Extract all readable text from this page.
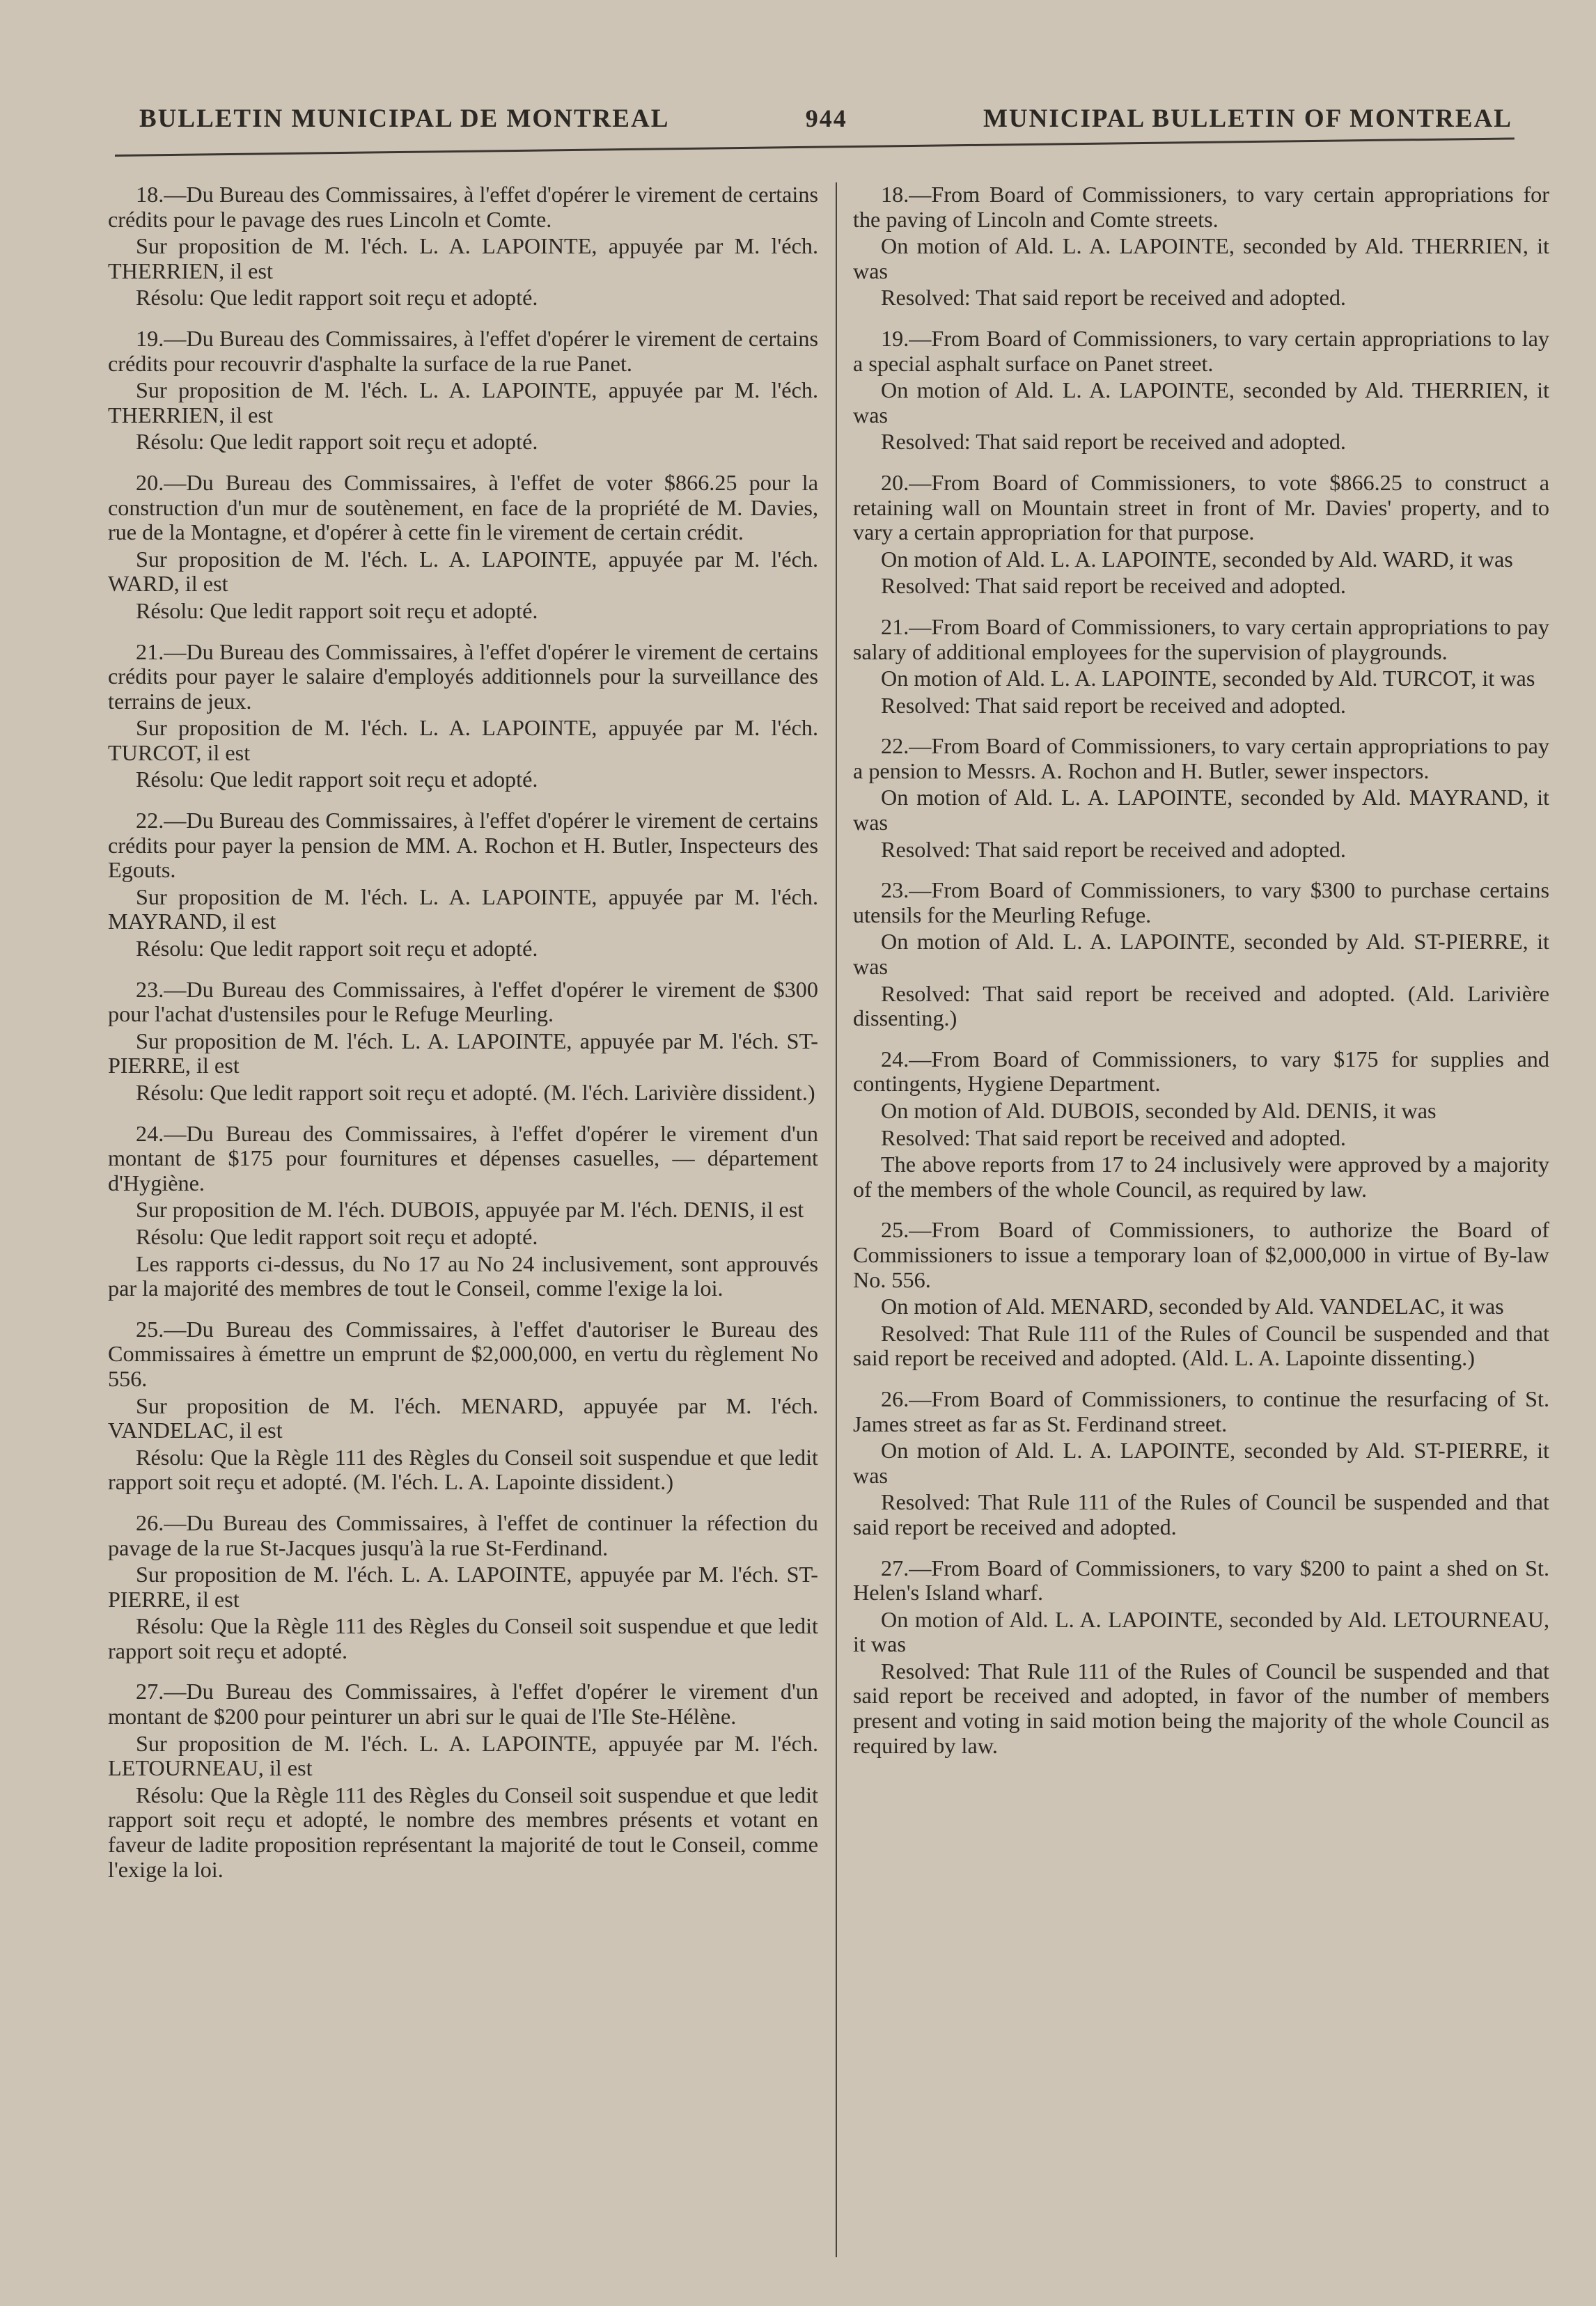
BULLETIN MUNICIPAL DE MONTREAL	944	MUNICIPAL BULLETIN OF MONTREAL

18.—Du Bureau des Commissaires, à l'effet d'opérer le virement de certains crédits pour le pavage des rues Lincoln et Comte.

Sur proposition de M. l'éch. L. A. LAPOINTE, appuyée par M. l'éch. THERRIEN, il est

Résolu: Que ledit rapport soit reçu et adopté.

19.—Du Bureau des Commissaires, à l'effet d'opérer le virement de certains crédits pour recouvrir d'asphalte la surface de la rue Panet.

Sur proposition de M. l'éch. L. A. LAPOINTE, appuyée par M. l'éch. THERRIEN, il est

Résolu: Que ledit rapport soit reçu et adopté.

20.—Du Bureau des Commissaires, à l'effet de voter $866.25 pour la construction d'un mur de soutènement, en face de la propriété de M. Davies, rue de la Montagne, et d'opérer à cette fin le virement de certain crédit.

Sur proposition de M. l'éch. L. A. LAPOINTE, appuyée par M. l'éch. WARD, il est

Résolu: Que ledit rapport soit reçu et adopté.

21.—Du Bureau des Commissaires, à l'effet d'opérer le virement de certains crédits pour payer le salaire d'employés additionnels pour la surveillance des terrains de jeux.

Sur proposition de M. l'éch. L. A. LAPOINTE, appuyée par M. l'éch. TURCOT, il est

Résolu: Que ledit rapport soit reçu et adopté.

22.—Du Bureau des Commissaires, à l'effet d'opérer le virement de certains crédits pour payer la pension de MM. A. Rochon et H. Butler, Inspecteurs des Egouts.

Sur proposition de M. l'éch. L. A. LAPOINTE, appuyée par M. l'éch. MAYRAND, il est

Résolu: Que ledit rapport soit reçu et adopté.

23.—Du Bureau des Commissaires, à l'effet d'opérer le virement de $300 pour l'achat d'ustensiles pour le Refuge Meurling.

Sur proposition de M. l'éch. L. A. LAPOINTE, appuyée par M. l'éch. ST-PIERRE, il est

Résolu: Que ledit rapport soit reçu et adopté. (M. l'éch. Larivière dissident.)

24.—Du Bureau des Commissaires, à l'effet d'opérer le virement d'un montant de $175 pour fournitures et dépenses casuelles, — département d'Hygiène.

Sur proposition de M. l'éch. DUBOIS, appuyée par M. l'éch. DENIS, il est

Résolu: Que ledit rapport soit reçu et adopté.

Les rapports ci-dessus, du No 17 au No 24 inclusivement, sont approuvés par la majorité des membres de tout le Conseil, comme l'exige la loi.

25.—Du Bureau des Commissaires, à l'effet d'autoriser le Bureau des Commissaires à émettre un emprunt de $2,000,000, en vertu du règlement No 556.

Sur proposition de M. l'éch. MENARD, appuyée par M. l'éch. VANDELAC, il est

Résolu: Que la Règle 111 des Règles du Conseil soit suspendue et que ledit rapport soit reçu et adopté. (M. l'éch. L. A. Lapointe dissident.)

26.—Du Bureau des Commissaires, à l'effet de continuer la réfection du pavage de la rue St-Jacques jusqu'à la rue St-Ferdinand.

Sur proposition de M. l'éch. L. A. LAPOINTE, appuyée par M. l'éch. ST-PIERRE, il est

Résolu: Que la Règle 111 des Règles du Conseil soit suspendue et que ledit rapport soit reçu et adopté.

27.—Du Bureau des Commissaires, à l'effet d'opérer le virement d'un montant de $200 pour peinturer un abri sur le quai de l'Ile Ste-Hélène.

Sur proposition de M. l'éch. L. A. LAPOINTE, appuyée par M. l'éch. LETOURNEAU, il est

Résolu: Que la Règle 111 des Règles du Conseil soit suspendue et que ledit rapport soit reçu et adopté, le nombre des membres présents et votant en faveur de ladite proposition représentant la majorité de tout le Conseil, comme l'exige la loi.

18.—From Board of Commissioners, to vary certain appropriations for the paving of Lincoln and Comte streets.

On motion of Ald. L. A. LAPOINTE, seconded by Ald. THERRIEN, it was

Resolved: That said report be received and adopted.

19.—From Board of Commissioners, to vary certain appropriations to lay a special asphalt surface on Panet street.

On motion of Ald. L. A. LAPOINTE, seconded by Ald. THERRIEN, it was

Resolved: That said report be received and adopted.

20.—From Board of Commissioners, to vote $866.25 to construct a retaining wall on Mountain street in front of Mr. Davies' property, and to vary a certain appropriation for that purpose.

On motion of Ald. L. A. LAPOINTE, seconded by Ald. WARD, it was

Resolved: That said report be received and adopted.

21.—From Board of Commissioners, to vary certain appropriations to pay salary of additional employees for the supervision of playgrounds.

On motion of Ald. L. A. LAPOINTE, seconded by Ald. TURCOT, it was

Resolved: That said report be received and adopted.

22.—From Board of Commissioners, to vary certain appropriations to pay a pension to Messrs. A. Rochon and H. Butler, sewer inspectors.

On motion of Ald. L. A. LAPOINTE, seconded by Ald. MAYRAND, it was

Resolved: That said report be received and adopted.

23.—From Board of Commissioners, to vary $300 to purchase certains utensils for the Meurling Refuge.

On motion of Ald. L. A. LAPOINTE, seconded by Ald. ST-PIERRE, it was

Resolved: That said report be received and adopted. (Ald. Larivière dissenting.)

24.—From Board of Commissioners, to vary $175 for supplies and contingents, Hygiene Department.

On motion of Ald. DUBOIS, seconded by Ald. DENIS, it was

Resolved: That said report be received and adopted.

The above reports from 17 to 24 inclusively were approved by a majority of the members of the whole Council, as required by law.

25.—From Board of Commissioners, to authorize the Board of Commissioners to issue a temporary loan of $2,000,000 in virtue of By-law No. 556.

On motion of Ald. MENARD, seconded by Ald. VANDELAC, it was

Resolved: That Rule 111 of the Rules of Council be suspended and that said report be received and adopted. (Ald. L. A. Lapointe dissenting.)

26.—From Board of Commissioners, to continue the resurfacing of St. James street as far as St. Ferdinand street.

On motion of Ald. L. A. LAPOINTE, seconded by Ald. ST-PIERRE, it was

Resolved: That Rule 111 of the Rules of Council be suspended and that said report be received and adopted.

27.—From Board of Commissioners, to vary $200 to paint a shed on St. Helen's Island wharf.

On motion of Ald. L. A. LAPOINTE, seconded by Ald. LETOURNEAU, it was

Resolved: That Rule 111 of the Rules of Council be suspended and that said report be received and adopted, in favor of the number of members present and voting in said motion being the majority of the whole Council as required by law.
